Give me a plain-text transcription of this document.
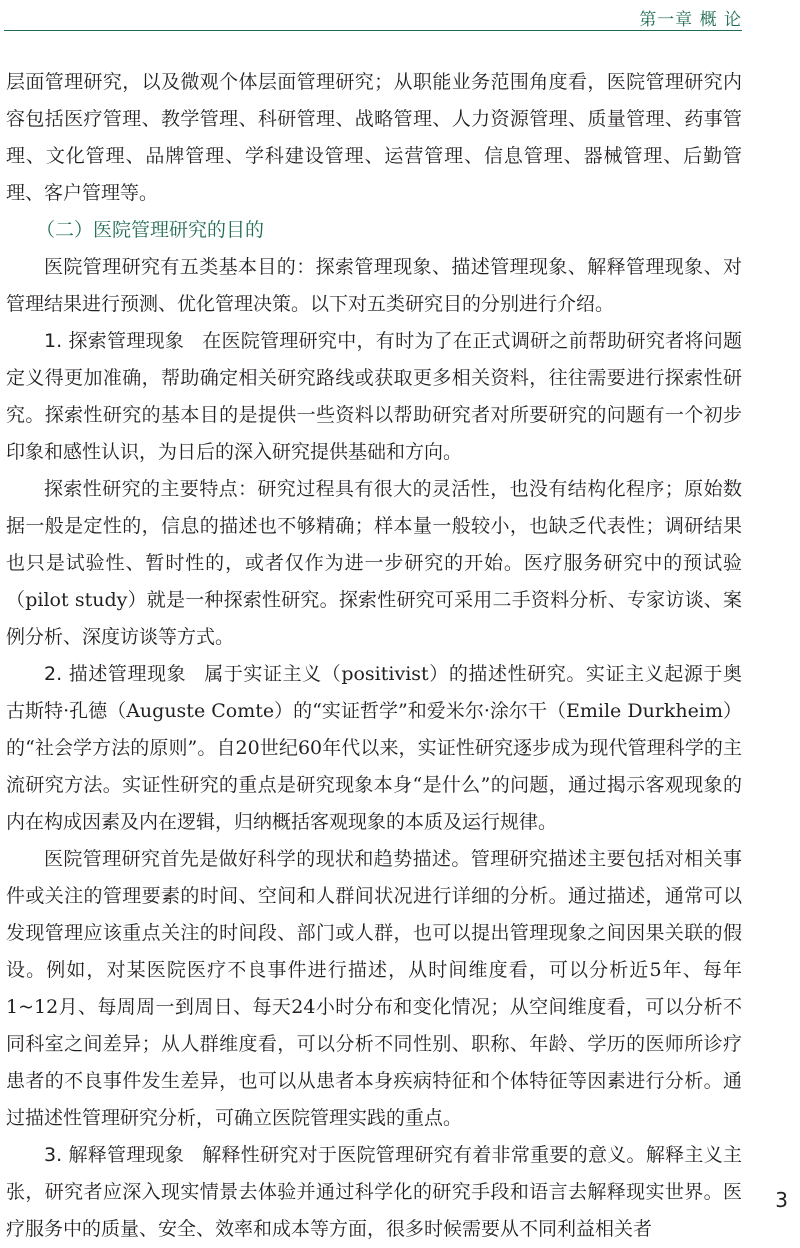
第一章 概 论

层面管理研究，以及微观个体层面管理研究；从职能业务范围角度看，医院管理研究内容包括医疗管理、教学管理、科研管理、战略管理、人力资源管理、质量管理、药事管理、文化管理、品牌管理、学科建设管理、运营管理、信息管理、器械管理、后勤管理、客户管理等。

（二）医院管理研究的目的

医院管理研究有五类基本目的：探索管理现象、描述管理现象、解释管理现象、对管理结果进行预测、优化管理决策。以下对五类研究目的分别进行介绍。

1. 探索管理现象 在医院管理研究中，有时为了在正式调研之前帮助研究者将问题定义得更加准确，帮助确定相关研究路线或获取更多相关资料，往往需要进行探索性研究。探索性研究的基本目的是提供一些资料以帮助研究者对所要研究的问题有一个初步印象和感性认识，为日后的深入研究提供基础和方向。

探索性研究的主要特点：研究过程具有很大的灵活性，也没有结构化程序；原始数据一般是定性的，信息的描述也不够精确；样本量一般较小，也缺乏代表性；调研结果也只是试验性、暂时性的，或者仅作为进一步研究的开始。医疗服务研究中的预试验（pilot study）就是一种探索性研究。探索性研究可采用二手资料分析、专家访谈、案例分析、深度访谈等方式。

2. 描述管理现象 属于实证主义（positivist）的描述性研究。实证主义起源于奥古斯特·孔德（Auguste Comte）的“实证哲学”和爱米尔·涂尔干（Emile Durkheim）的“社会学方法的原则”。自20世纪60年代以来，实证性研究逐步成为现代管理科学的主流研究方法。实证性研究的重点是研究现象本身“是什么”的问题，通过揭示客观现象的内在构成因素及内在逻辑，归纳概括客观现象的本质及运行规律。

医院管理研究首先是做好科学的现状和趋势描述。管理研究描述主要包括对相关事件或关注的管理要素的时间、空间和人群间状况进行详细的分析。通过描述，通常可以发现管理应该重点关注的时间段、部门或人群，也可以提出管理现象之间因果关联的假设。例如，对某医院医疗不良事件进行描述，从时间维度看，可以分析近5年、每年1~12月、每周周一到周日、每天24小时分布和变化情况；从空间维度看，可以分析不同科室之间差异；从人群维度看，可以分析不同性别、职称、年龄、学历的医师所诊疗患者的不良事件发生差异，也可以从患者本身疾病特征和个体特征等因素进行分析。通过描述性管理研究分析，可确立医院管理实践的重点。

3. 解释管理现象 解释性研究对于医院管理研究有着非常重要的意义。解释主义主张，研究者应深入现实情景去体验并通过科学化的研究手段和语言去解释现实世界。医疗服务中的质量、安全、效率和成本等方面，很多时候需要从不同利益相关者

3
